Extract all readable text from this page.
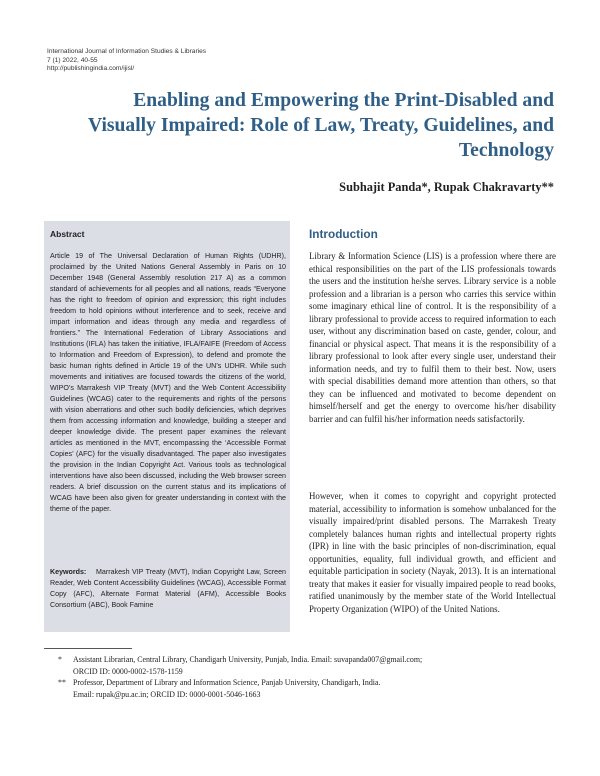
International Journal of Information Studies & Libraries
7 (1) 2022, 40-55
http://publishingindia.com/ijisl/
Enabling and Empowering the Print-Disabled and Visually Impaired: Role of Law, Treaty, Guidelines, and Technology
Subhajit Panda*, Rupak Chakravarty**
Abstract

Article 19 of The Universal Declaration of Human Rights (UDHR), proclaimed by the United Nations General Assembly in Paris on 10 December 1948 (General Assembly resolution 217 A) as a common standard of achievements for all peoples and all nations, reads “Everyone has the right to freedom of opinion and expression; this right includes freedom to hold opinions without interference and to seek, receive and impart information and ideas through any media and regardless of frontiers.” The International Federation of Library Associations and Institutions (IFLA) has taken the initiative, IFLA/FAIFE (Freedom of Access to Information and Freedom of Expression), to defend and promote the basic human rights defined in Article 19 of the UN’s UDHR. While such movements and initiatives are focused towards the citizens of the world, WIPO’s Marrakesh VIP Treaty (MVT) and the Web Content Accessibility Guidelines (WCAG) cater to the requirements and rights of the persons with vision aberrations and other such bodily deficiencies, which deprives them from accessing information and knowledge, building a steeper and deeper knowledge divide. The present paper examines the relevant articles as mentioned in the MVT, encompassing the ‘Accessible Format Copies’ (AFC) for the visually disadvantaged. The paper also investigates the provision in the Indian Copyright Act. Various tools as technological interventions have also been discussed, including the Web browser screen readers. A brief discussion on the current status and its implications of WCAG have been also given for greater understanding in context with the theme of the paper.

Keywords: Marrakesh VIP Treaty (MVT), Indian Copyright Law, Screen Reader, Web Content Accessibility Guidelines (WCAG), Accessible Format Copy (AFC), Alternate Format Material (AFM), Accessible Books Consortium (ABC), Book Famine

Introduction

Library & Information Science (LIS) is a profession where there are ethical responsibilities on the part of the LIS professionals towards the users and the institution he/she serves. Library service is a noble profession and a librarian is a person who carries this service within some imaginary ethical line of control. It is the responsibility of a library professional to provide access to required information to each user, without any discrimination based on caste, gender, colour, and financial or physical aspect. That means it is the responsibility of a library professional to look after every single user, understand their information needs, and try to fulfil them to their best. Now, users with special disabilities demand more attention than others, so that they can be influenced and motivated to become dependent on himself/herself and get the energy to overcome his/her disability barrier and can fulfil his/her information needs satisfactorily.

However, when it comes to copyright and copyright protected material, accessibility to information is somehow unbalanced for the visually impaired/print disabled persons. The Marrakesh Treaty completely balances human rights and intellectual property rights (IPR) in line with the basic principles of non-discrimination, equal opportunities, equality, full individual growth, and efficient and equitable participation in society (Nayak, 2013). It is an international treaty that makes it easier for visually impaired people to read books, ratified unanimously by the member state of the World Intellectual Property Organization (WIPO) of the United Nations.

* Assistant Librarian, Central Library, Chandigarh University, Punjab, India. Email: suvapanda007@gmail.com;
ORCID ID: 0000-0002-1578-1159
** Professor, Department of Library and Information Science, Panjab University, Chandigarh, India.
Email: rupak@pu.ac.in; ORCID ID: 0000-0001-5046-1663
